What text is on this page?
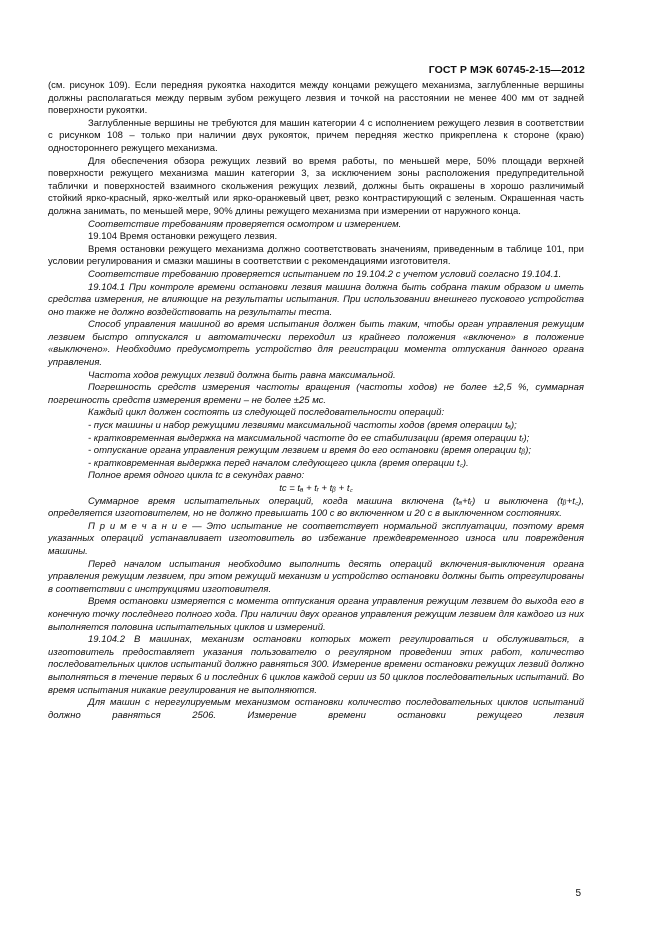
ГОСТ Р МЭК 60745-2-15—2012

(см. рисунок 109). Если передняя рукоятка находится между концами режущего механизма, заглубленные вершины должны располагаться между первым зубом режущего лезвия и точкой на расстоянии не менее 400 мм от задней поверхности рукоятки.

Заглубленные вершины не требуются для машин категории 4 с исполнением режущего лезвия в соответствии с рисунком 108 – только при наличии двух рукояток, причем передняя жестко прикреплена к стороне (краю) одностороннего режущего механизма.

Для обеспечения обзора режущих лезвий во время работы, по меньшей мере, 50% площади верхней поверхности режущего механизма машин категории 3, за исключением зоны расположения предупредительной таблички и поверхностей взаимного скольжения режущих лезвий, должны быть окрашены в хорошо различимый стойкий ярко-красный, ярко-желтый или ярко-оранжевый цвет, резко контрастирующий с зеленым. Окрашенная часть должна занимать, по меньшей мере, 90% длины режущего механизма при измерении от наружного конца.

Соответствие требованиям проверяется осмотром и измерением.

19.104 Время остановки режущего лезвия.

Время остановки режущего механизма должно соответствовать значениям, приведенным в таблице 101, при условии регулирования и смазки машины в соответствии с рекомендациями изготовителя.

Соответствие требованию проверяется испытанием по 19.104.2 с учетом условий согласно 19.104.1.

19.104.1 При контроле времени остановки лезвия машина должна быть собрана таким образом и иметь средства измерения, не влияющие на результаты испытания. При использовании внешнего пускового устройства оно также не должно воздействовать на результаты теста.

Способ управления машиной во время испытания должен быть таким, чтобы орган управления режущим лезвием быстро отпускался и автоматически переходил из крайнего положения «включено» в положение «выключено». Необходимо предусмотреть устройство для регистрации момента отпускания данного органа управления.

Частота ходов режущих лезвий должна быть равна максимальной.

Погрешность средств измерения частоты вращения (частоты ходов) не более ±2,5 %, суммарная погрешность средств измерения времени – не более ±25 мс.

Каждый цикл должен состоять из следующей последовательности операций:

- пуск машины и набор режущими лезвиями максимальной частоты ходов (время операции tₐ);

- кратковременная выдержка на максимальной частоте до ее стабилизации (время операции tᵣ);

- отпускание органа управления режущим лезвием и время до его остановки (время операции tᵦ);

- кратковременная выдержка перед началом следующего цикла (время операции t꜀).

Полное время одного цикла tᴄ в секундах равно:

tᴄ = tₐ + tᵣ + tᵦ + t꜀

Суммарное время испытательных операций, когда машина включена (tₐ+tᵣ) и выключена (tᵦ+t꜀), определяется изготовителем, но не должно превышать 100 с во включенном и 20 с в выключенном состояниях.

П р и м е ч а н и е — Это испытание не соответствует нормальной эксплуатации, поэтому время указанных операций устанавливает изготовитель во избежание преждевременного износа или повреждения машины.

Перед началом испытания необходимо выполнить десять операций включения-выключения органа управления режущим лезвием, при этом режущий механизм и устройство остановки должны быть отрегулированы в соответствии с инструкциями изготовителя.

Время остановки измеряется с момента отпускания органа управления режущим лезвием до выхода его в конечную точку последнего полного хода. При наличии двух органов управления режущим лезвием для каждого из них выполняется половина испытательных циклов и измерений.

19.104.2 В машинах, механизм остановки которых может регулироваться и обслуживаться, а изготовитель предоставляет указания пользователю о регулярном проведении этих работ, количество последовательных циклов испытаний должно равняться 300. Измерение времени остановки режущих лезвий должно выполняться в течение первых 6 и последних 6 циклов каждой серии из 50 циклов последовательных испытаний. Во время испытания никакие регулирования не выполняются.

Для машин с нерегулируемым механизмом остановки количество последовательных циклов испытаний должно равняться 2506. Измерение времени остановки режущего лезвия

5
